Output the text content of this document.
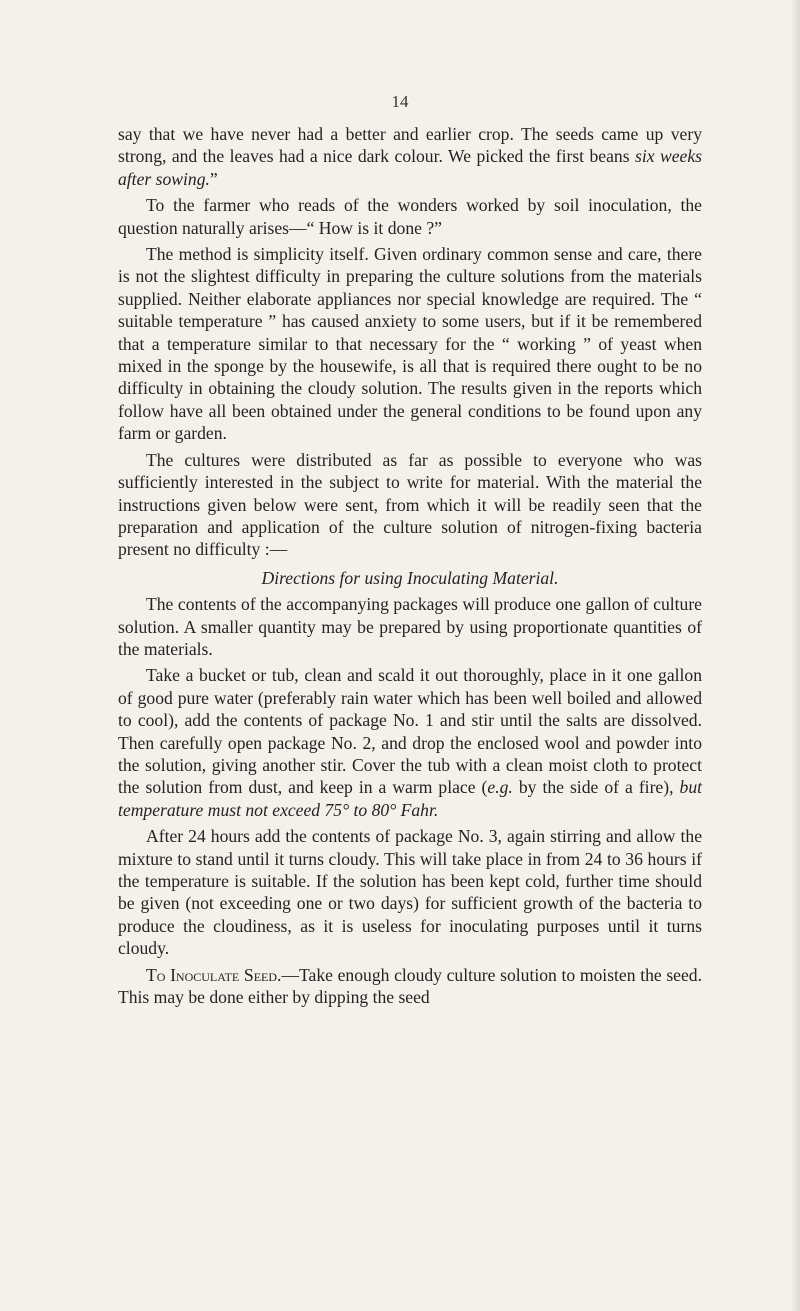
14

say that we have never had a better and earlier crop. The seeds came up very strong, and the leaves had a nice dark colour. We picked the first beans six weeks after sowing.”

To the farmer who reads of the wonders worked by soil inoculation, the question naturally arises—“ How is it done ?”

The method is simplicity itself. Given ordinary common sense and care, there is not the slightest difficulty in preparing the culture solutions from the materials supplied. Neither elaborate appliances nor special knowledge are required. The “ suitable temperature ” has caused anxiety to some users, but if it be remembered that a temperature similar to that necessary for the “ working ” of yeast when mixed in the sponge by the housewife, is all that is required there ought to be no difficulty in obtaining the cloudy solution. The results given in the reports which follow have all been obtained under the general conditions to be found upon any farm or garden.

The cultures were distributed as far as possible to everyone who was sufficiently interested in the subject to write for material. With the material the instructions given below were sent, from which it will be readily seen that the preparation and application of the culture solution of nitrogen-fixing bacteria present no difficulty :—

Directions for using Inoculating Material.

The contents of the accompanying packages will produce one gallon of culture solution. A smaller quantity may be prepared by using proportionate quantities of the materials.

Take a bucket or tub, clean and scald it out thoroughly, place in it one gallon of good pure water (preferably rain water which has been well boiled and allowed to cool), add the contents of package No. 1 and stir until the salts are dissolved. Then carefully open package No. 2, and drop the enclosed wool and powder into the solution, giving another stir. Cover the tub with a clean moist cloth to protect the solution from dust, and keep in a warm place (e.g. by the side of a fire), but temperature must not exceed 75° to 80° Fahr.

After 24 hours add the contents of package No. 3, again stirring and allow the mixture to stand until it turns cloudy. This will take place in from 24 to 36 hours if the temperature is suitable. If the solution has been kept cold, further time should be given (not exceeding one or two days) for sufficient growth of the bacteria to produce the cloudiness, as it is useless for inoculating purposes until it turns cloudy.

To Inoculate Seed.—Take enough cloudy culture solution to moisten the seed. This may be done either by dipping the seed
